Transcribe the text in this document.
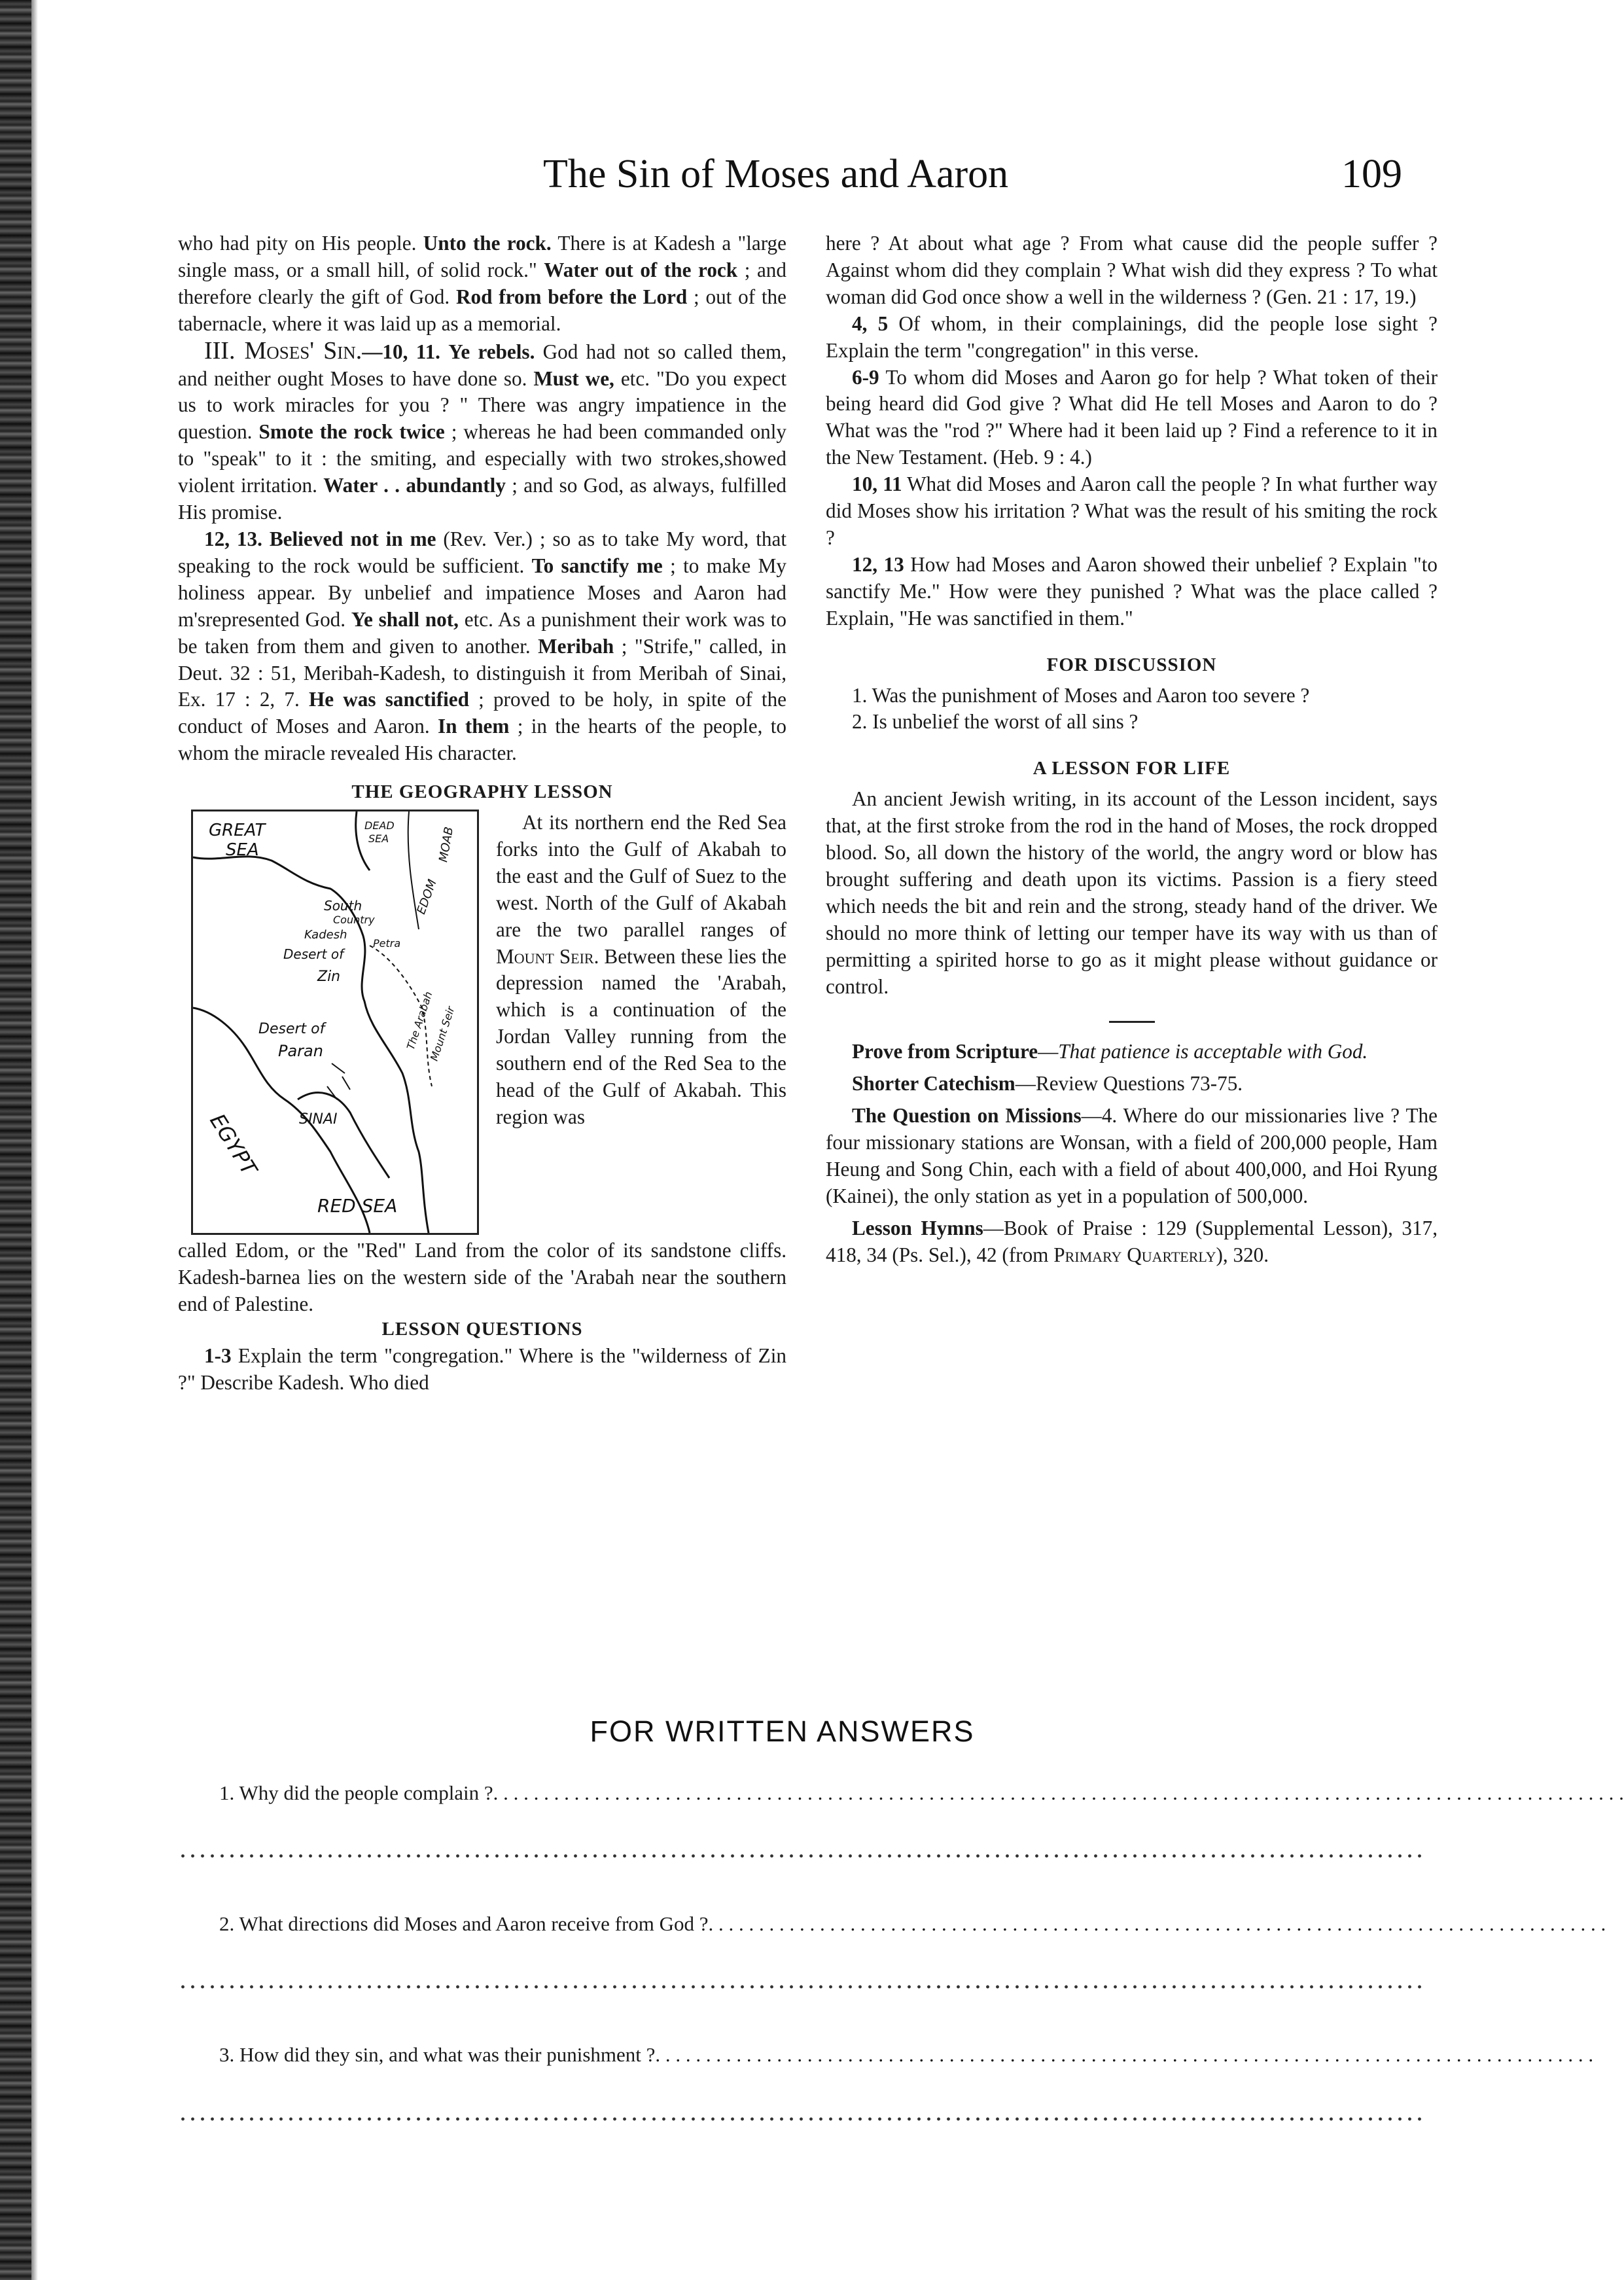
The Sin of Moses and Aaron	109

who had pity on His people. Unto the rock. There is at Kadesh a "large single mass, or a small hill, of solid rock." Water out of the rock ; and therefore clearly the gift of God. Rod from before the Lord ; out of the tabernacle, where it was laid up as a memorial.

III. Moses' Sin.—10, 11. Ye rebels. God had not so called them, and neither ought Moses to have done so. Must we, etc. "Do you expect us to work miracles for you ? " There was angry impatience in the question. Smote the rock twice ; whereas he had been commanded only to "speak" to it : the smiting, and especially with two strokes,showed violent irritation. Water . . abundantly ; and so God, as always, fulfilled His promise.

12, 13. Believed not in me (Rev. Ver.) ; so as to take My word, that speaking to the rock would be sufficient. To sanctify me ; to make My holiness appear. By unbelief and impatience Moses and Aaron had m'srepresented God. Ye shall not, etc. As a punishment their work was to be taken from them and given to another. Meribah ; "Strife," called, in Deut. 32 : 51, Meribah-Kadesh, to distinguish it from Meribah of Sinai, Ex. 17 : 2, 7. He was sanctified ; proved to be holy, in spite of the conduct of Moses and Aaron. In them ; in the hearts of the people, to whom the miracle revealed His character.

THE GEOGRAPHY LESSON
GREAT
SEA
DEAD
SEA	MOAB
EDOM
South
Country
Kadesh
Petra
Desert of
Zin
The Arabah
Mount Seir
Desert of
Paran
SINAI
EGYPT
RED SEA

At its northern end the Red Sea forks into the Gulf of Akabah to the east and the Gulf of Suez to the west. North of the Gulf of Akabah are the two parallel ranges of Mount Seir. Between these lies the depression named the 'Arabah, which is a continuation of the Jordan Valley running from the southern end of the Red Sea to the head of the Gulf of Akabah. This region was

called Edom, or the "Red" Land from the color of its sandstone cliffs. Kadesh-barnea lies on the western side of the 'Arabah near the southern end of Palestine.

LESSON QUESTIONS

1-3 Explain the term "congregation." Where is the "wilderness of Zin ?" Describe Kadesh. Who died

here ? At about what age ? From what cause did the people suffer ? Against whom did they complain ? What wish did they express ? To what woman did God once show a well in the wilderness ? (Gen. 21 : 17, 19.)

4, 5 Of whom, in their complainings, did the people lose sight ? Explain the term "congregation" in this verse.

6-9 To whom did Moses and Aaron go for help ? What token of their being heard did God give ? What did He tell Moses and Aaron to do ? What was the "rod ?" Where had it been laid up ? Find a reference to it in the New Testament. (Heb. 9 : 4.)

10, 11 What did Moses and Aaron call the people ? In what further way did Moses show his irritation ? What was the result of his smiting the rock ?

12, 13 How had Moses and Aaron showed their unbelief ? Explain "to sanctify Me." How were they punished ? What was the place called ? Explain, "He was sanctified in them."

FOR DISCUSSION

1. Was the punishment of Moses and Aaron too severe ?

2. Is unbelief the worst of all sins ?

A LESSON FOR LIFE

An ancient Jewish writing, in its account of the Lesson incident, says that, at the first stroke from the rod in the hand of Moses, the rock dropped blood. So, all down the history of the world, the angry word or blow has brought suffering and death upon its victims. Passion is a fiery steed which needs the bit and rein and the strong, steady hand of the driver. We should no more think of letting our temper have its way with us than of permitting a spirited horse to go as it might please without guidance or control.

Prove from Scripture—That patience is acceptable with God.

Shorter Catechism—Review Questions 73-75.

The Question on Missions—4. Where do our missionaries live ? The four missionary stations are Wonsan, with a field of 200,000 people, Ham Heung and Song Chin, each with a field of about 400,000, and Hoi Ryung (Kainei), the only station as yet in a population of 500,000.

Lesson Hymns—Book of Praise : 129 (Supplemental Lesson), 317, 418, 34 (Ps. Sel.), 42 (from Primary Quarterly), 320.

FOR WRITTEN ANSWERS
1. Why did the people complain ?. . . . . . . . . . . . . . . . . . . . . . . . . . . . . . . . . . . . . . . . . . . . . . . . . . . . . . . . . . . . . . . . . . . . . . . . . . . . . . . . . . . . . . . . . . . . . . . . . . . . . . . . . . . . . . . .
2. What directions did Moses and Aaron receive from God ?. . . . . . . . . . . . . . . . . . . . . . . . . . . . . . . . . . . . . . . . . . . . . . . . . . . . . . . . . . . . . . . . . . . . . . . . . . . . . . . . . . . . . . . . .
3. How did they sin, and what was their punishment ?. . . . . . . . . . . . . . . . . . . . . . . . . . . . . . . . . . . . . . . . . . . . . . . . . . . . . . . . . . . . . . . . . . . . . . . . . . . . . . . . . . . . . . . . . . . . .
